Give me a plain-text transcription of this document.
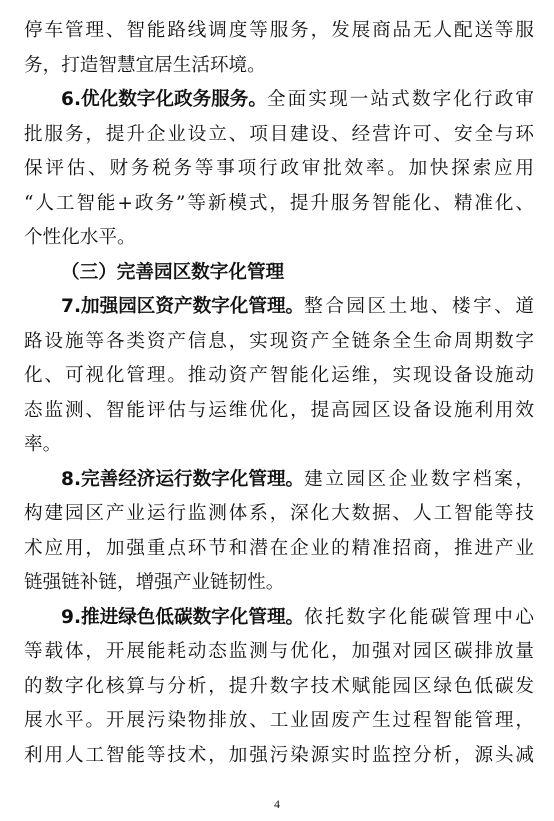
停车管理、智能路线调度等服务，发展商品无人配送等服
务，打造智慧宜居生活环境。
6.优化数字化政务服务。 全面实现一站式数字化行政审
批服务，提升企业设立、项目建设、经营许可、安全与环
保评估、财务税务等事项行政审批效率。加快探索应用
“人工智能+政务”等新模式，提升服务智能化、精准化、
个性化水平。
（三）完善园区数字化管理
7.加强园区资产数字化管理。 整合园区土地、楼宇、道
路设施等各类资产信息，实现资产全链条全生命周期数字
化、可视化管理。推动资产智能化运维，实现设备设施动
态监测、智能评估与运维优化，提高园区设备设施利用效
率。
8.完善经济运行数字化管理。 建立园区企业数字档案，
构建园区产业运行监测体系，深化大数据、人工智能等技
术应用，加强重点环节和潜在企业的精准招商，推进产业
链强链补链，增强产业链韧性。
9.推进绿色低碳数字化管理。 依托数字化能碳管理中心
等载体，开展能耗动态监测与优化，加强对园区碳排放量
的数字化核算与分析，提升数字技术赋能园区绿色低碳发
展水平。开展污染物排放、工业固废产生过程智能管理，
利用人工智能等技术，加强污染源实时监控分析，源头减
4
